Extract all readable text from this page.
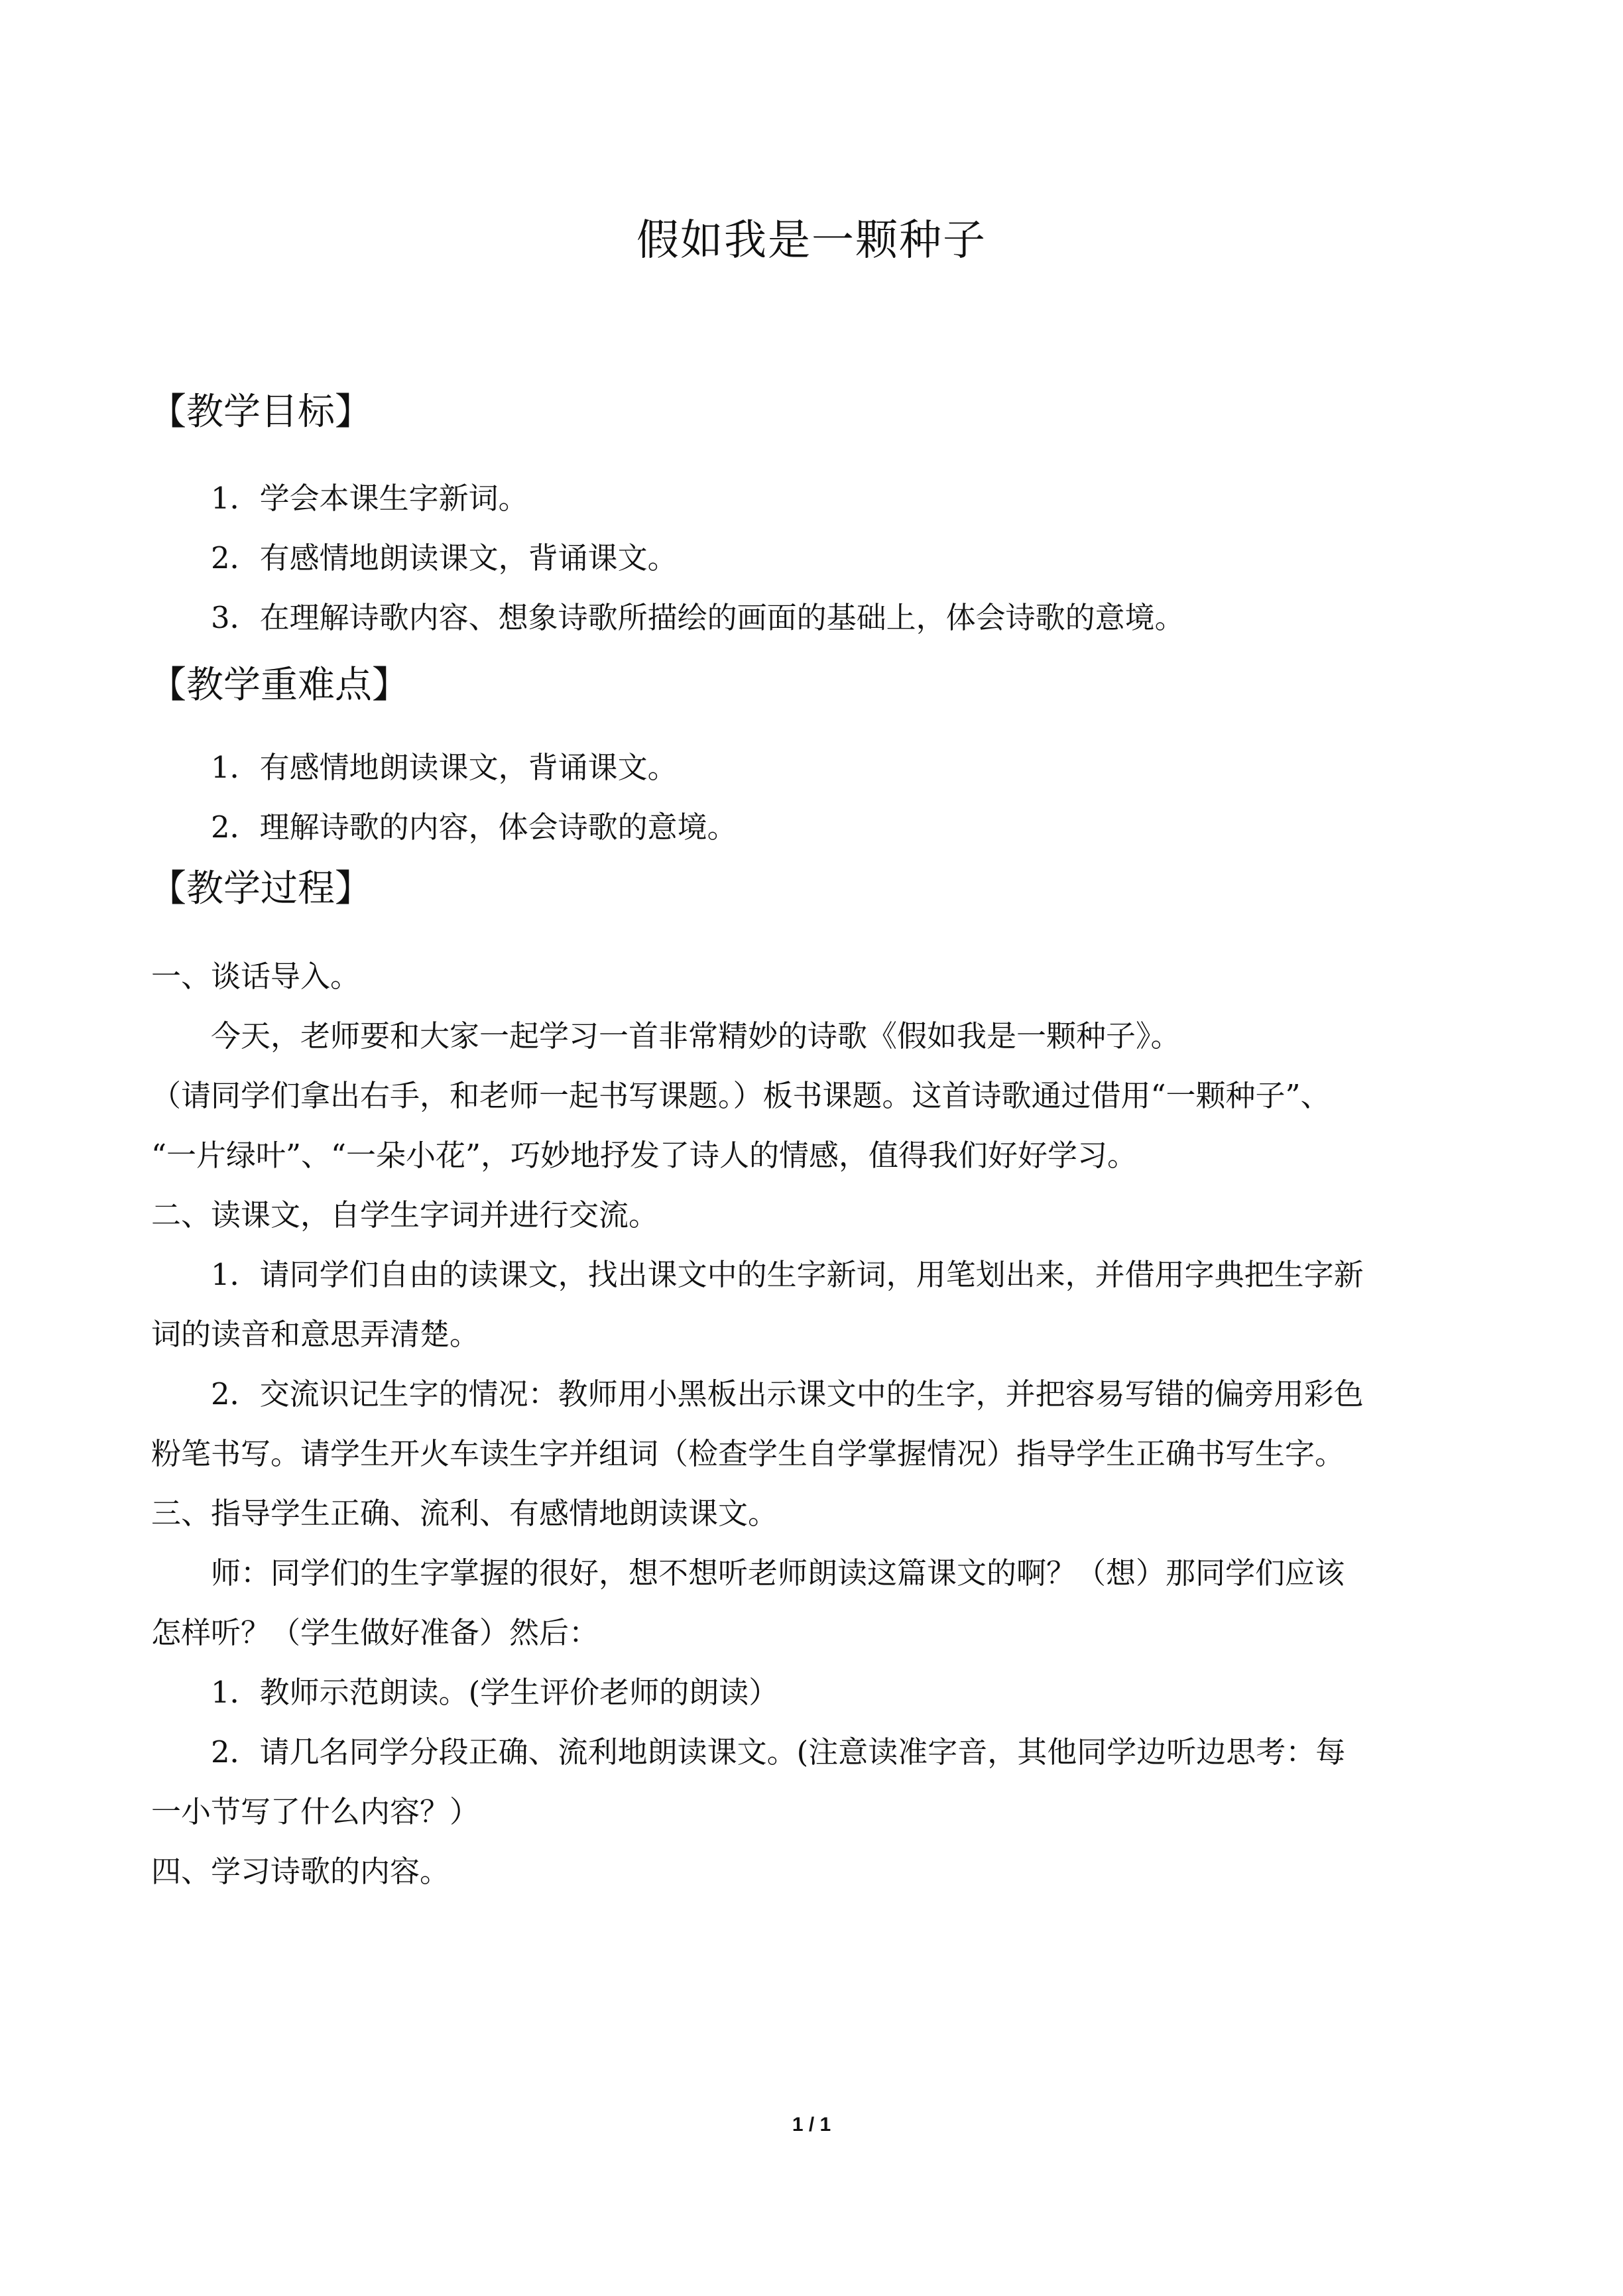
假如我是一颗种子
【教学目标】
1．学会本课生字新词。
2．有感情地朗读课文，背诵课文。
3．在理解诗歌内容、想象诗歌所描绘的画面的基础上，体会诗歌的意境。
【教学重难点】
1．有感情地朗读课文，背诵课文。
2．理解诗歌的内容，体会诗歌的意境。
【教学过程】
一、谈话导入。
今天，老师要和大家一起学习一首非常精妙的诗歌《假如我是一颗种子》。
（请同学们拿出右手，和老师一起书写课题。）板书课题。这首诗歌通过借用“一颗种子”、
“一片绿叶”、“一朵小花”，巧妙地抒发了诗人的情感，值得我们好好学习。
二、读课文，自学生字词并进行交流。
1．请同学们自由的读课文，找出课文中的生字新词，用笔划出来，并借用字典把生字新
词的读音和意思弄清楚。
2．交流识记生字的情况：教师用小黑板出示课文中的生字，并把容易写错的偏旁用彩色
粉笔书写。请学生开火车读生字并组词（检查学生自学掌握情况）指导学生正确书写生字。
三、指导学生正确、流利、有感情地朗读课文。
师：同学们的生字掌握的很好，想不想听老师朗读这篇课文的啊？（想）那同学们应该
怎样听？（学生做好准备）然后：
1．教师示范朗读。(学生评价老师的朗读）
2．请几名同学分段正确、流利地朗读课文。(注意读准字音，其他同学边听边思考：每
一小节写了什么内容？）
四、学习诗歌的内容。
1 / 1
